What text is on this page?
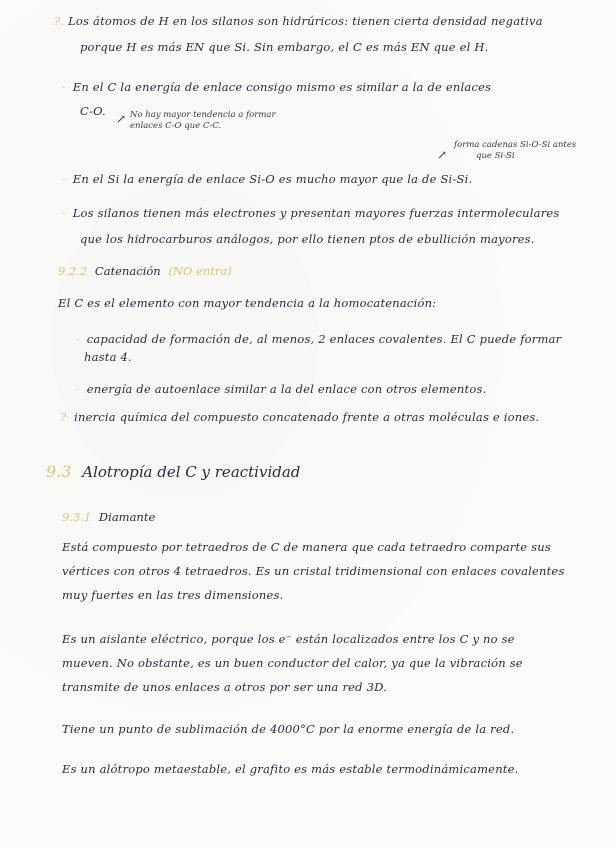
?. Los átomos de H en los silanos son hidrúricos: tienen cierta densidad negativa
porque H es más EN que Si. Sin embargo, el C es más EN que el H.
· En el C la energía de enlace consigo mismo es similar a la de enlaces
C-O.
↗ No hay mayor tendencia a formar
enlaces C-O que C-C.
↗
forma cadenas Si-O-Si antes
que Si-Si
· En el Si la energía de enlace Si-O es mucho mayor que la de Si-Si.
· Los silanos tienen más electrones y presentan mayores fuerzas intermoleculares
que los hidrocarburos análogos, por ello tienen ptos de ebullición mayores.
9.2.2 Catenación (NO entra)
El C es el elemento con mayor tendencia a la homocatenación:
· capacidad de formación de, al menos, 2 enlaces covalentes. El C puede formar
hasta 4.
· energía de autoenlace similar a la del enlace con otros elementos.
?· inercia química del compuesto concatenado frente a otras moléculas e iones.
9.3 Alotropía del C y reactividad
9.3.1 Diamante
Está compuesto por tetraedros de C de manera que cada tetraedro comparte sus
vértices con otros 4 tetraedros. Es un cristal tridimensional con enlaces covalentes
muy fuertes en las tres dimensiones.
Es un aislante eléctrico, porque los e⁻ están localizados entre los C y no se
mueven. No obstante, es un buen conductor del calor, ya que la vibración se
transmite de unos enlaces a otros por ser una red 3D.
Tiene un punto de sublimación de 4000°C por la enorme energía de la red.
Es un alótropo metaestable, el grafito es más estable termodinámicamente.
